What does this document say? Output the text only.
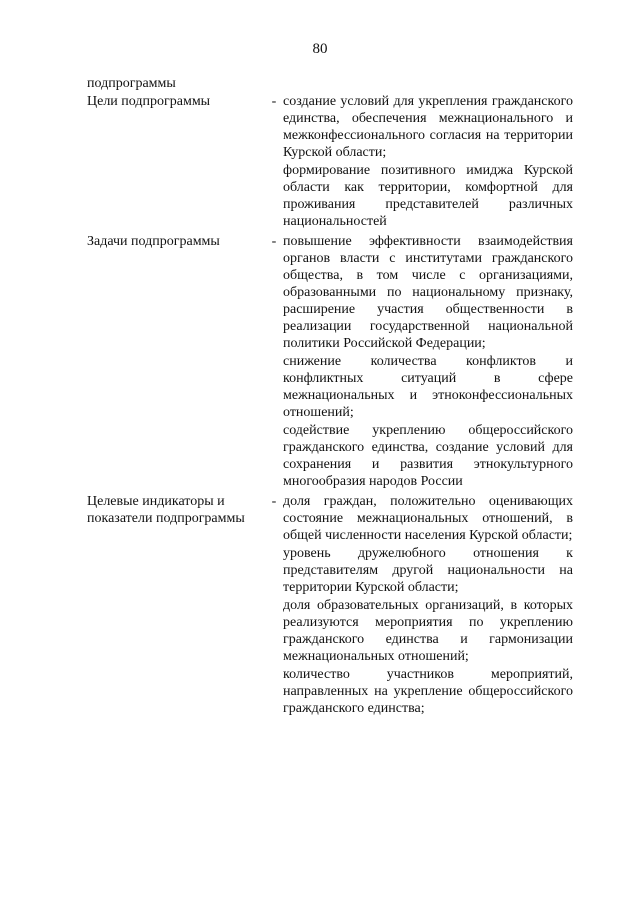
80
подпрограммы
Цели подпрограммы	- создание условий для укрепления гражданского единства, обеспечения межнационального и межконфессионального согласия на территории Курской области;
формирование позитивного имиджа Курской области как территории, комфортной для проживания представителей различных национальностей
Задачи подпрограммы	- повышение эффективности взаимодействия органов власти с институтами гражданского общества, в том числе с организациями, образованными по национальному признаку, расширение участия общественности в реализации государственной национальной политики Российской Федерации;
снижение количества конфликтов и конфликтных ситуаций в сфере межнациональных и этноконфессиональных отношений;
содействие укреплению общероссийского гражданского единства, создание условий для сохранения и развития этнокультурного многообразия народов России
Целевые индикаторы и показатели подпрограммы
- доля граждан, положительно оценивающих состояние межнациональных отношений, в общей численности населения Курской области;
уровень дружелюбного отношения к представителям другой национальности на территории Курской области;
доля образовательных организаций, в которых реализуются мероприятия по укреплению гражданского единства и гармонизации межнациональных отношений;
количество участников мероприятий, направленных на укрепление общероссийского гражданского единства;
